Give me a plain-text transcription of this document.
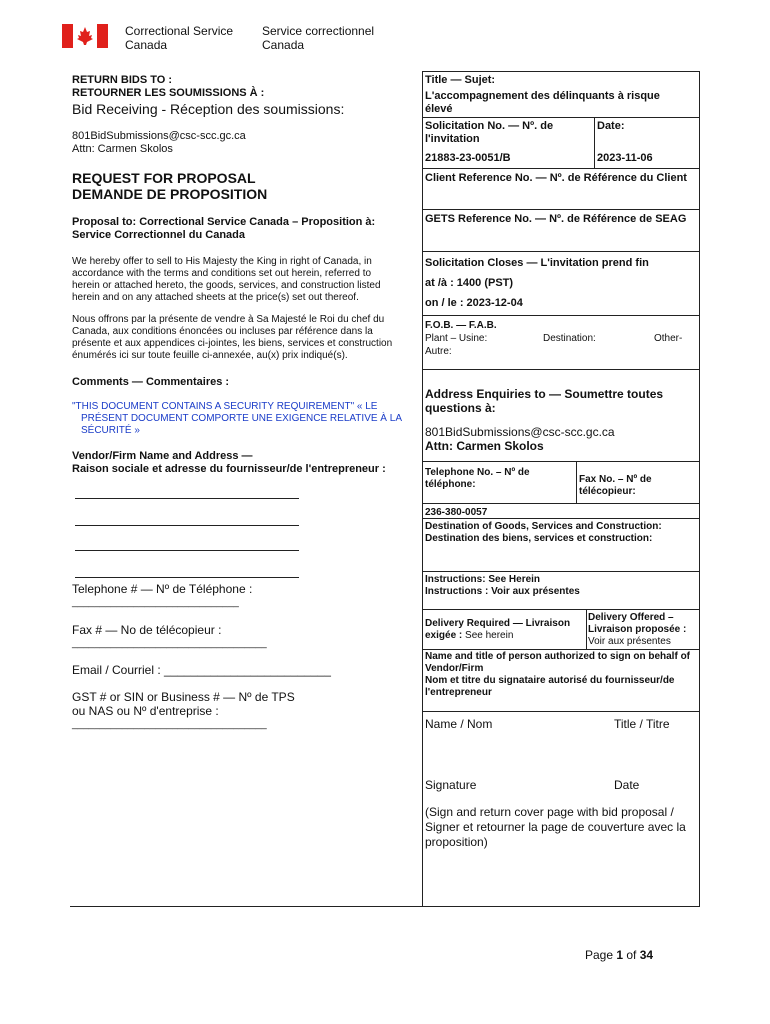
Correctional Service
Canada
Service correctionnel
Canada
RETURN BIDS TO :
RETOURNER LES SOUMISSIONS À :
Bid Receiving - Réception des soumissions:
801BidSubmissions@csc-scc.gc.ca
Attn: Carmen Skolos
REQUEST FOR PROPOSAL
DEMANDE DE PROPOSITION
Proposal to: Correctional Service Canada – Proposition à:
Service Correctionnel du Canada
We hereby offer to sell to His Majesty the King in right of Canada, in
accordance with the terms and conditions set out herein, referred to
herein or attached hereto, the goods, services, and construction listed
herein and on any attached sheets at the price(s) set out thereof.
Nous offrons par la présente de vendre à Sa Majesté le Roi du chef du
Canada, aux conditions énoncées ou incluses par référence dans la
présente et aux appendices ci-jointes, les biens, services et construction
énumérés ici sur toute feuille ci-annexée, au(x) prix indiqué(s).
Comments — Commentaires :
"THIS DOCUMENT CONTAINS A SECURITY REQUIREMENT" « LE
PRÉSENT DOCUMENT COMPORTE UNE EXIGENCE RELATIVE À LA
SÉCURITÉ »
Vendor/Firm Name and Address —
Raison sociale et adresse du fournisseur/de l'entrepreneur :
Telephone # — Nº de Téléphone :
______________________________
Fax # — No de télécopieur :
___________________________________
Email / Courriel : _________________________
GST # or SIN or Business # — Nº de TPS
ou NAS ou Nº d'entreprise :
___________________________________
Title — Sujet:
L'accompagnement des délinquants à risque
élevé
Solicitation No. — Nº. de
l'invitation
Date:
21883-23-0051/B	2023-11-06
Client Reference No. — Nº. de Référence du Client
GETS Reference No. — Nº. de Référence de SEAG
Solicitation Closes — L'invitation prend fin
at /à : 1400 (PST)
on / le : 2023-12-04
F.O.B. — F.A.B.
Plant – Usine:	Destination:	Other-
Autre:
Address Enquiries to — Soumettre toutes
questions à:
801BidSubmissions@csc-scc.gc.ca
Attn: Carmen Skolos
Telephone No. – Nº de
téléphone:	Fax No. – Nº de
télécopieur:
236-380-0057
Destination of Goods, Services and Construction:
Destination des biens, services et construction:
Instructions: See Herein
Instructions : Voir aux présentes
Delivery Required — Livraison
exigée : See herein
Delivery Offered –
Livraison proposée :
Voir aux présentes
Name and title of person authorized to sign on behalf of
Vendor/Firm
Nom et titre du signataire autorisé du fournisseur/de
l'entrepreneur
Name / Nom	Title / Titre
Signature	Date
(Sign and return cover page with bid proposal /
Signer et retourner la page de couverture avec la
proposition)
Page 1 of 34
